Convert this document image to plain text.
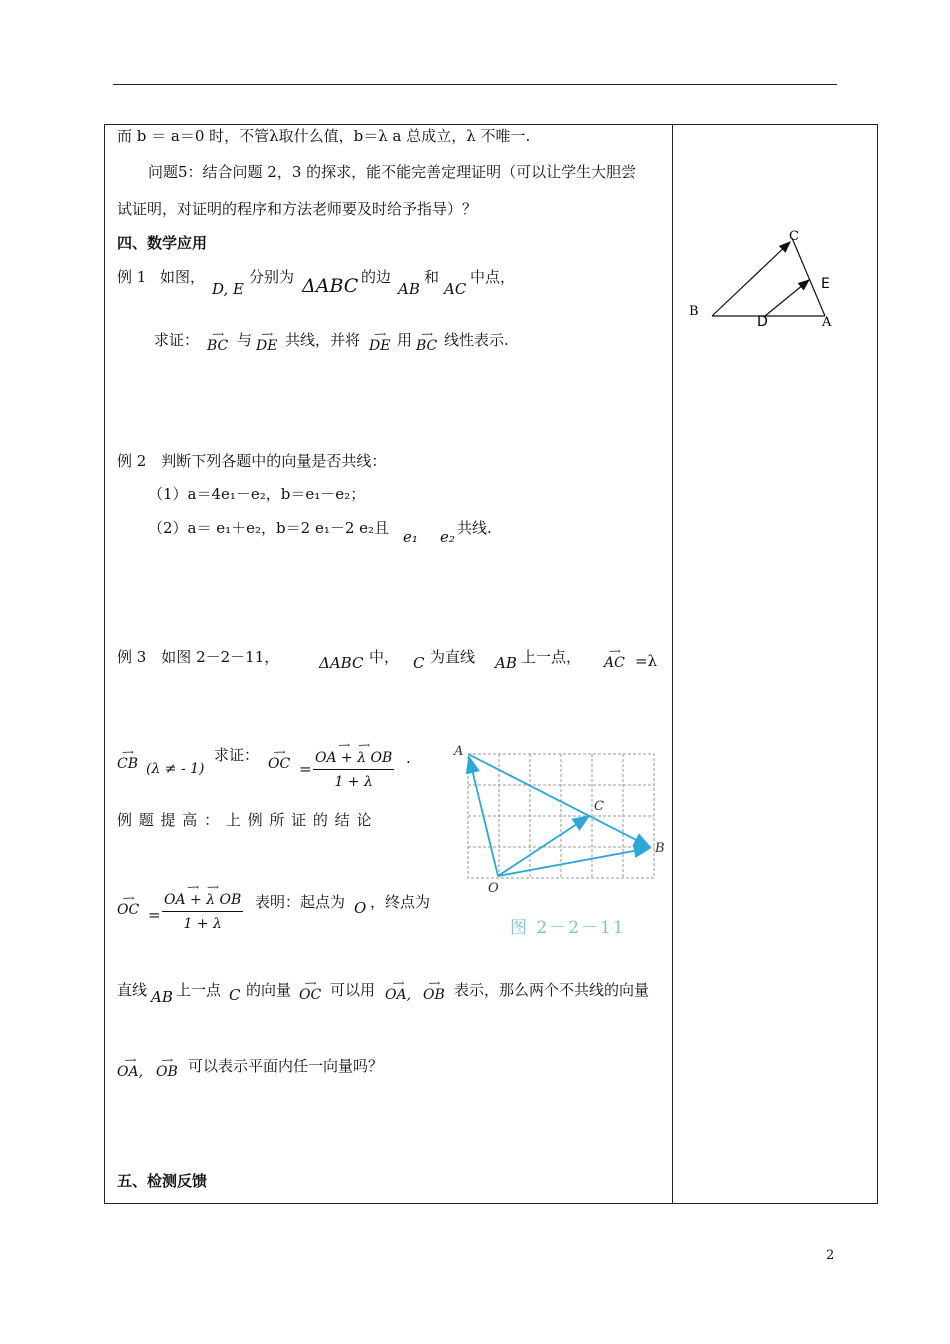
而 b ＝ a＝0 时，不管λ取什么值，b＝λ a 总成立，λ 不唯一.
问题5：结合问题 2，3 的探求，能不能完善定理证明（可以让学生大胆尝
试证明，对证明的程序和方法老师要及时给予指导）？
四、数学应用
例 1 如图，
D, E
分别为 ΔABC 的边
AB
和
AC
中点，
求证：	--→
BC 与	--→
DE 共线，并将	--→
DE 用	--→
BC 线性表示.
例 2　判断下列各题中的向量是否共线：
（1）a＝4e₁－e₂，b＝e₁－e₂；
（2）a＝ e₁＋e₂，b＝2 e₁－2 e₂且 e₁ e₂ 共线.
例 3　如图 2－2－11，	ΔABC 中， C 为直线 AB 上一点，	--→
AC =λ
--→
CB (λ ≠ - 1)
求证：	--→
OC = --→     --→
OA + λ OB
1 + λ .
例 题 提 高 ： 上 例 所 证 的 结 论
--→
OC = --→     --→
OA + λ OB
1 + λ 表明：起点为 O ，终点为
直线 AB 上一点 C 的向量	--→
OC 可以用	--→
OA,
--→
OB 表示，那么两个不共线的向量
--→
OA,
--→
OB 可以表示平面内任一向量吗？
五、检测反馈
2
C
E
B
D	A
A
C
B
O
图 2－2－11
